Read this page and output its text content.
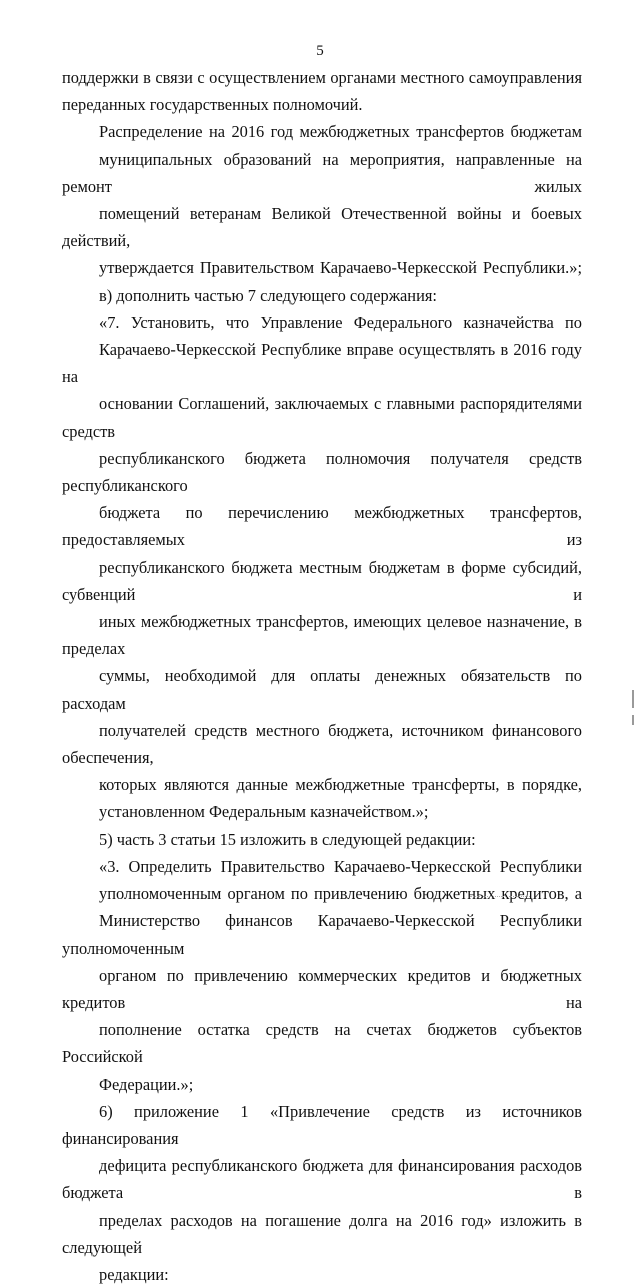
5

поддержки в связи с осуществлением органами местного самоуправления
переданных государственных полномочий.

Распределение на 2016 год межбюджетных трансфертов бюджетам
муниципальных образований на мероприятия, направленные на ремонт жилых
помещений ветеранам Великой Отечественной войны и боевых действий,
утверждается Правительством Карачаево-Черкесской Республики.»;

в) дополнить частью 7 следующего содержания:

«7. Установить, что Управление Федерального казначейства по
Карачаево-Черкесской Республике вправе осуществлять в 2016 году на
основании Соглашений, заключаемых с главными распорядителями средств
республиканского бюджета полномочия получателя средств республиканского
бюджета по перечислению межбюджетных трансфертов, предоставляемых из
республиканского бюджета местным бюджетам в форме субсидий, субвенций и
иных межбюджетных трансфертов, имеющих целевое назначение, в пределах
суммы, необходимой для оплаты денежных обязательств по расходам
получателей средств местного бюджета, источником финансового обеспечения,
которых являются данные межбюджетные трансферты, в порядке,
установленном Федеральным казначейством.»;

5) часть 3 статьи 15 изложить в следующей редакции:

«3. Определить Правительство Карачаево-Черкесской Республики
уполномоченным органом по привлечению бюджетных кредитов, а
Министерство финансов Карачаево-Черкесской Республики уполномоченным
органом по привлечению коммерческих кредитов и бюджетных кредитов на
пополнение остатка средств на счетах бюджетов субъектов Российской
Федерации.»;

6) приложение 1 «Привлечение средств из источников финансирования
дефицита республиканского бюджета для финансирования расходов бюджета в
пределах расходов на погашение долга на 2016 год» изложить в следующей
редакции:
